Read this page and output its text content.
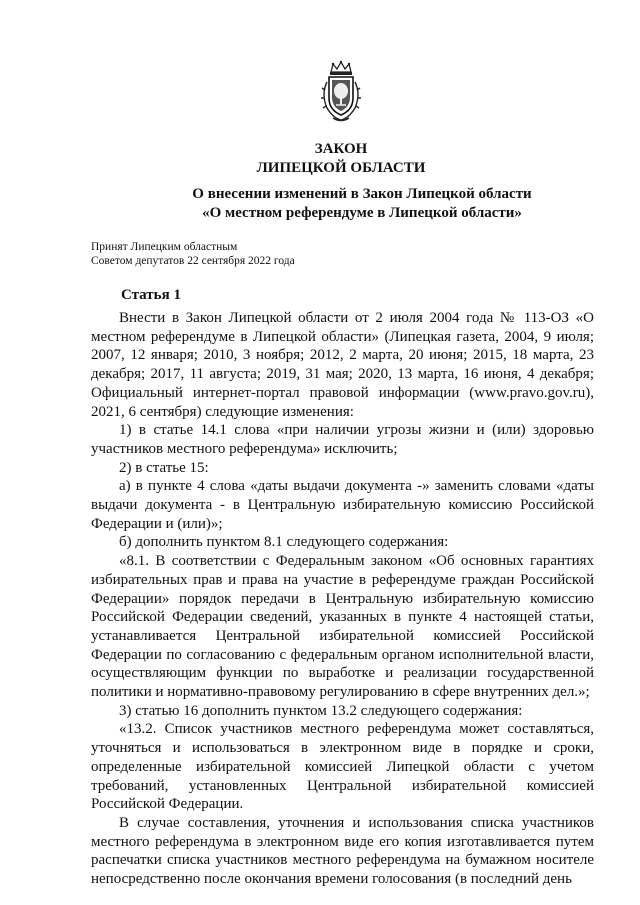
ЗАКОН
ЛИПЕЦКОЙ ОБЛАСТИ
О внесении изменений в Закон Липецкой области
«О местном референдуме в Липецкой области»
Принят Липецким областным
Советом депутатов 22 сентября 2022 года
Статья 1

Внести в Закон Липецкой области от 2 июля 2004 года № 113-ОЗ «О местном референдуме в Липецкой области» (Липецкая газета, 2004, 9 июля; 2007, 12 января; 2010, 3 ноября; 2012, 2 марта, 20 июня; 2015, 18 марта, 23 декабря; 2017, 11 августа; 2019, 31 мая; 2020, 13 марта, 16 июня, 4 декабря; Официальный интернет-портал правовой информации (www.pravo.gov.ru), 2021, 6 сентября) следующие изменения:

1) в статье 14.1 слова «при наличии угрозы жизни и (или) здоровью участников местного референдума» исключить;

2) в статье 15:

а) в пункте 4 слова «даты выдачи документа -» заменить словами «даты выдачи документа - в Центральную избирательную комиссию Российской Федерации и (или)»;

б) дополнить пунктом 8.1 следующего содержания:

«8.1. В соответствии с Федеральным законом «Об основных гарантиях избирательных прав и права на участие в референдуме граждан Российской Федерации» порядок передачи в Центральную избирательную комиссию Российской Федерации сведений, указанных в пункте 4 настоящей статьи, устанавливается Центральной избирательной комиссией Российской Федерации по согласованию с федеральным органом исполнительной власти, осуществляющим функции по выработке и реализации государственной политики и нормативно-правовому регулированию в сфере внутренних дел.»;

3) статью 16 дополнить пунктом 13.2 следующего содержания:

«13.2. Список участников местного референдума может составляться, уточняться и использоваться в электронном виде в порядке и сроки, определенные избирательной комиссией Липецкой области с учетом требований, установленных Центральной избирательной комиссией Российской Федерации.

В случае составления, уточнения и использования списка участников местного референдума в электронном виде его копия изготавливается путем распечатки списка участников местного референдума на бумажном носителе непосредственно после окончания времени голосования (в последний день
